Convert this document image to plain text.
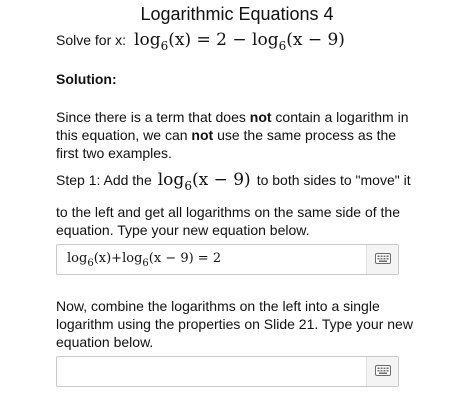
Logarithmic Equations 4
Solve for x: $\log_6(x) = 2 - \log_6(x - 9)$
Solution:
Since there is a term that does not contain a logarithm in this equation, we can not use the same process as the first two examples.
Step 1: Add the $\log_6(x - 9)$ to both sides to "move" it
to the left and get all logarithms on the same side of the equation. Type your new equation below.
$\log_6(x)+\log_6(x - 9) = 2$
Now, combine the logarithms on the left into a single logarithm using the properties on Slide 21. Type your new equation below.
